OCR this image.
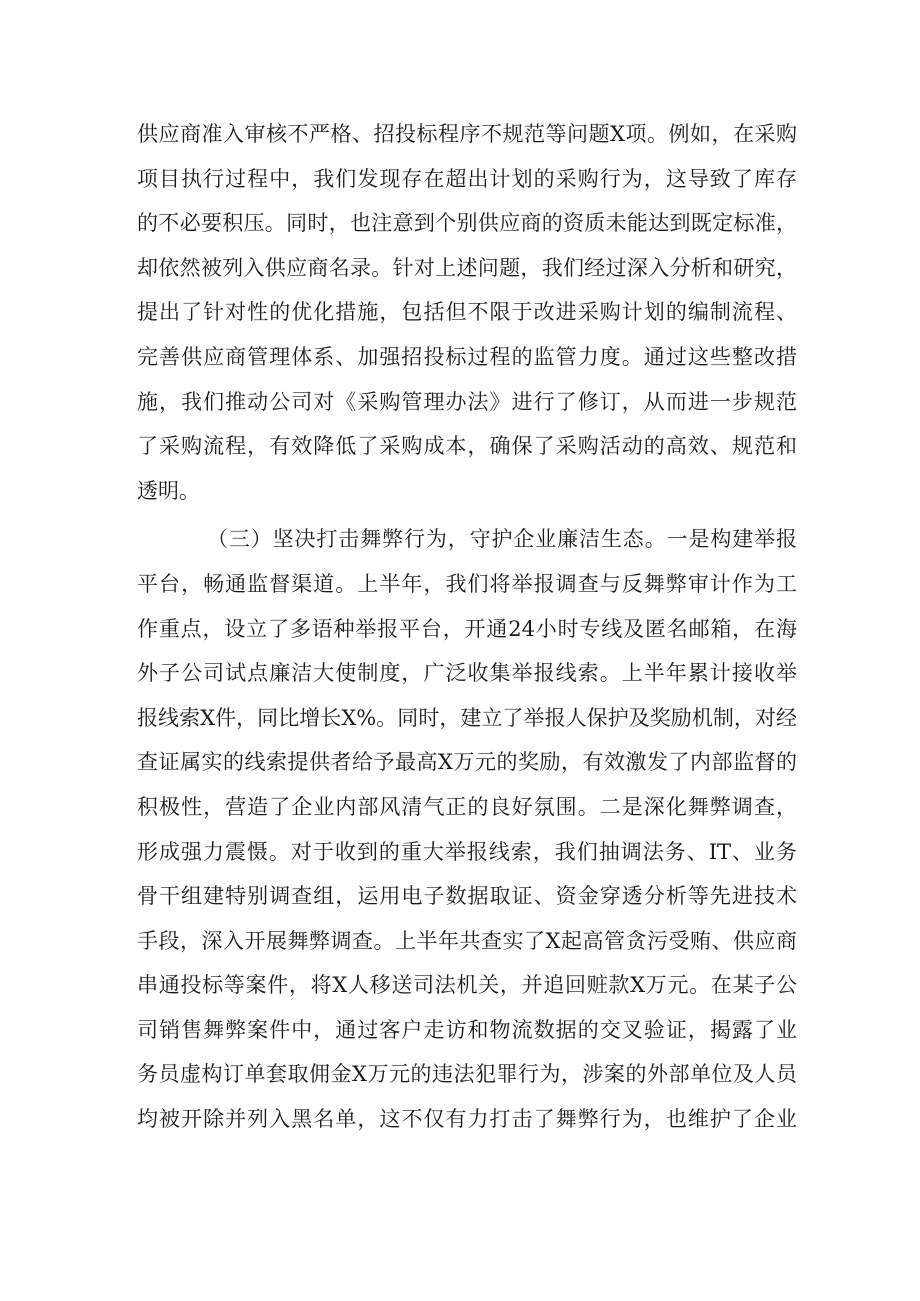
供应商准入审核不严格、招投标程序不规范等问题X项。例如，在采购
项目执行过程中，我们发现存在超出计划的采购行为，这导致了库存
的不必要积压。同时，也注意到个别供应商的资质未能达到既定标准，
却依然被列入供应商名录。针对上述问题，我们经过深入分析和研究，
提出了针对性的优化措施，包括但不限于改进采购计划的编制流程、
完善供应商管理体系、加强招投标过程的监管力度。通过这些整改措
施，我们推动公司对《采购管理办法》进行了修订，从而进一步规范
了采购流程，有效降低了采购成本，确保了采购活动的高效、规范和
透明。
（三）坚决打击舞弊行为，守护企业廉洁生态。一是构建举报
平台，畅通监督渠道。上半年，我们将举报调查与反舞弊审计作为工
作重点，设立了多语种举报平台，开通24小时专线及匿名邮箱，在海
外子公司试点廉洁大使制度，广泛收集举报线索。上半年累计接收举
报线索X件，同比增长X%。同时，建立了举报人保护及奖励机制，对经
查证属实的线索提供者给予最高X万元的奖励，有效激发了内部监督的
积极性，营造了企业内部风清气正的良好氛围。二是深化舞弊调查，
形成强力震慑。对于收到的重大举报线索，我们抽调法务、IT、业务
骨干组建特别调查组，运用电子数据取证、资金穿透分析等先进技术
手段，深入开展舞弊调查。上半年共查实了X起高管贪污受贿、供应商
串通投标等案件，将X人移送司法机关，并追回赃款X万元。在某子公
司销售舞弊案件中，通过客户走访和物流数据的交叉验证，揭露了业
务员虚构订单套取佣金X万元的违法犯罪行为，涉案的外部单位及人员
均被开除并列入黑名单，这不仅有力打击了舞弊行为，也维护了企业
